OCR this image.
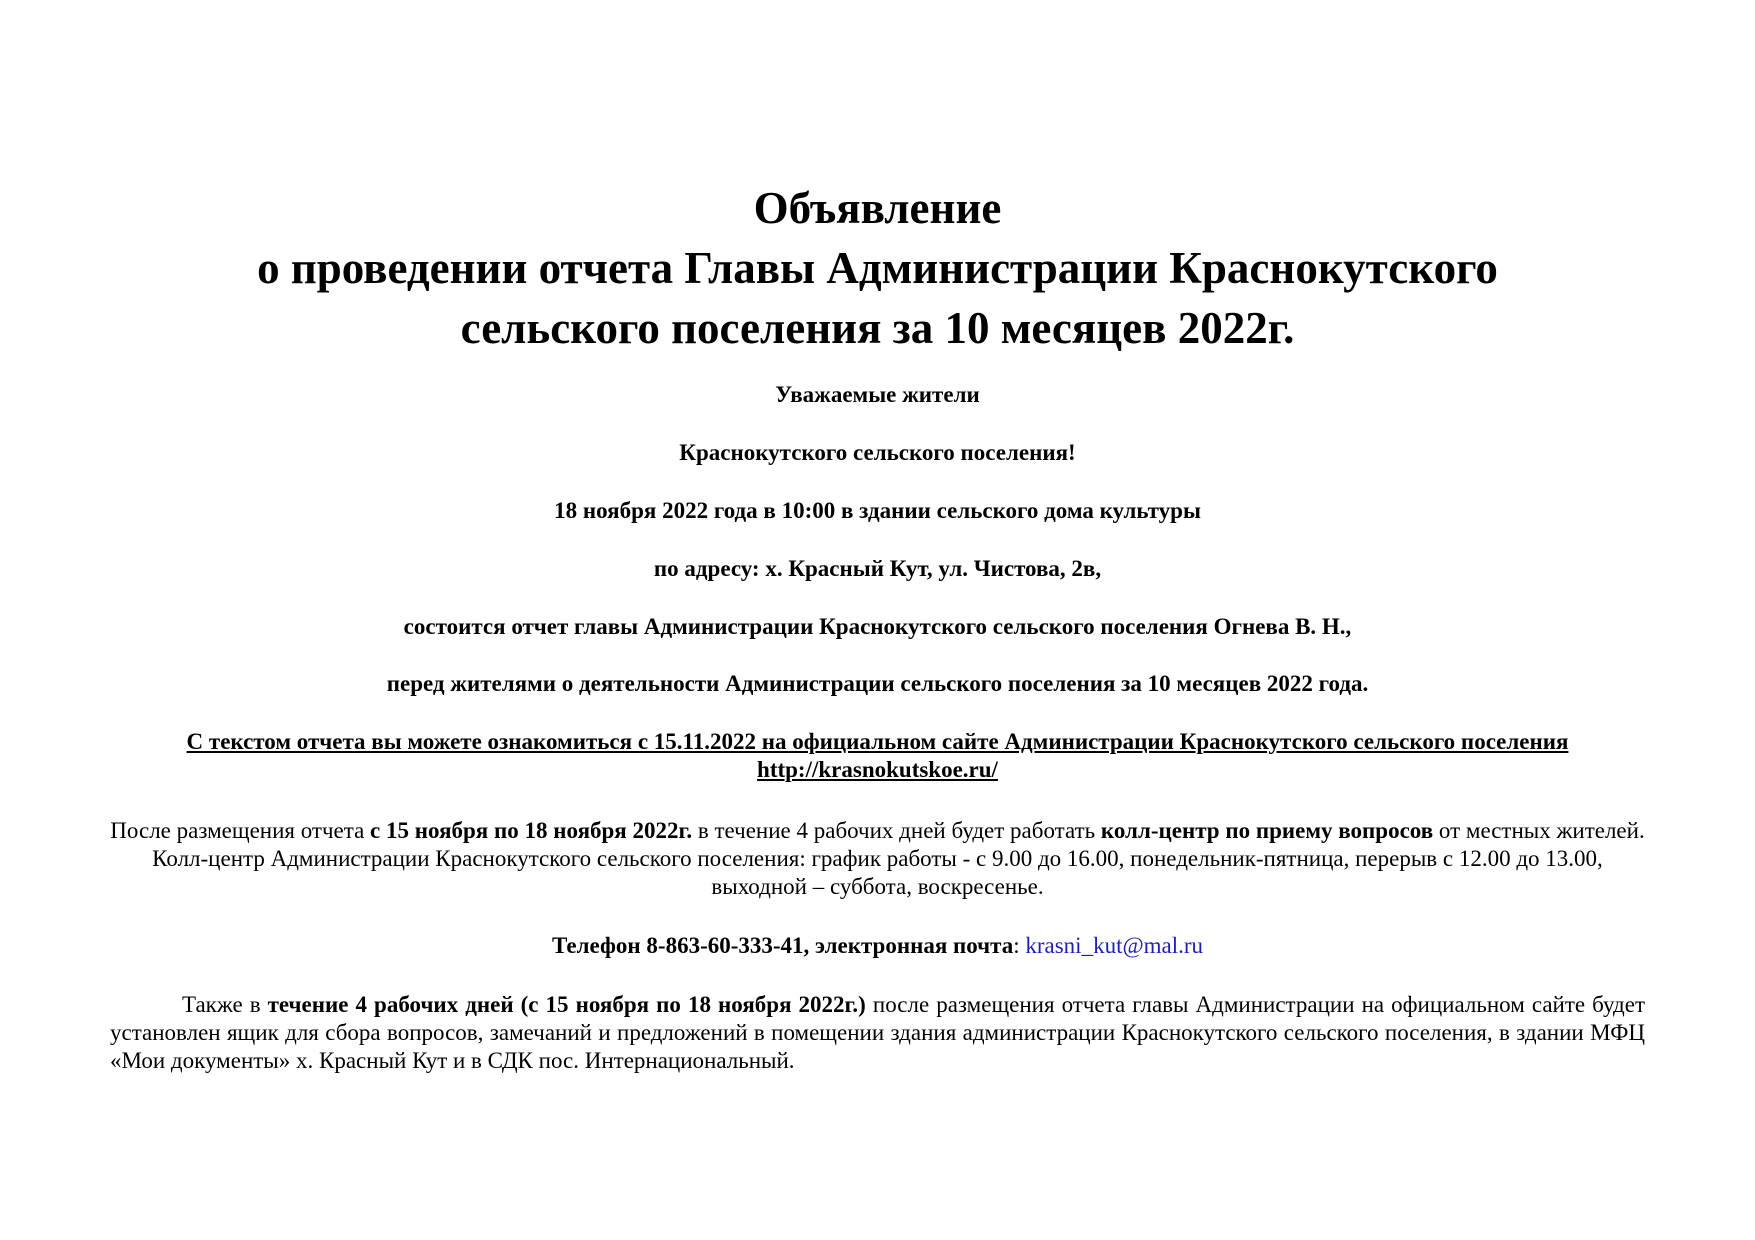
Объявление
о проведении отчета Главы Администрации Краснокутского
сельского поселения за 10 месяцев 2022г.

Уважаемые жители

Краснокутского сельского поселения!

18 ноября 2022 года в 10:00 в здании сельского дома культуры

по адресу: х. Красный Кут, ул. Чистова, 2в,

состоится отчет главы Администрации Краснокутского сельского поселения Огнева В. Н.,

перед жителями о деятельности Администрации сельского поселения за 10 месяцев 2022 года.

С текстом отчета вы можете ознакомиться с 15.11.2022 на официальном сайте Администрации Краснокутского сельского поселения
http://krasnokutskoe.ru/

После размещения отчета с 15 ноября по 18 ноября 2022г. в течение 4 рабочих дней будет работать колл-центр по приему вопросов от местных жителей. Колл-центр Администрации Краснокутского сельского поселения: график работы - с 9.00 до 16.00, понедельник-пятница, перерыв с 12.00 до 13.00, выходной – суббота, воскресенье.

Телефон 8-863-60-333-41, электронная почта: krasni_kut@mal.ru

Также в течение 4 рабочих дней (с 15 ноября по 18 ноября 2022г.) после размещения отчета главы Администрации на официальном сайте будет установлен ящик для сбора вопросов, замечаний и предложений в помещении здания администрации Краснокутского сельского поселения, в здании МФЦ «Мои документы» х. Красный Кут и в СДК пос. Интернациональный.
